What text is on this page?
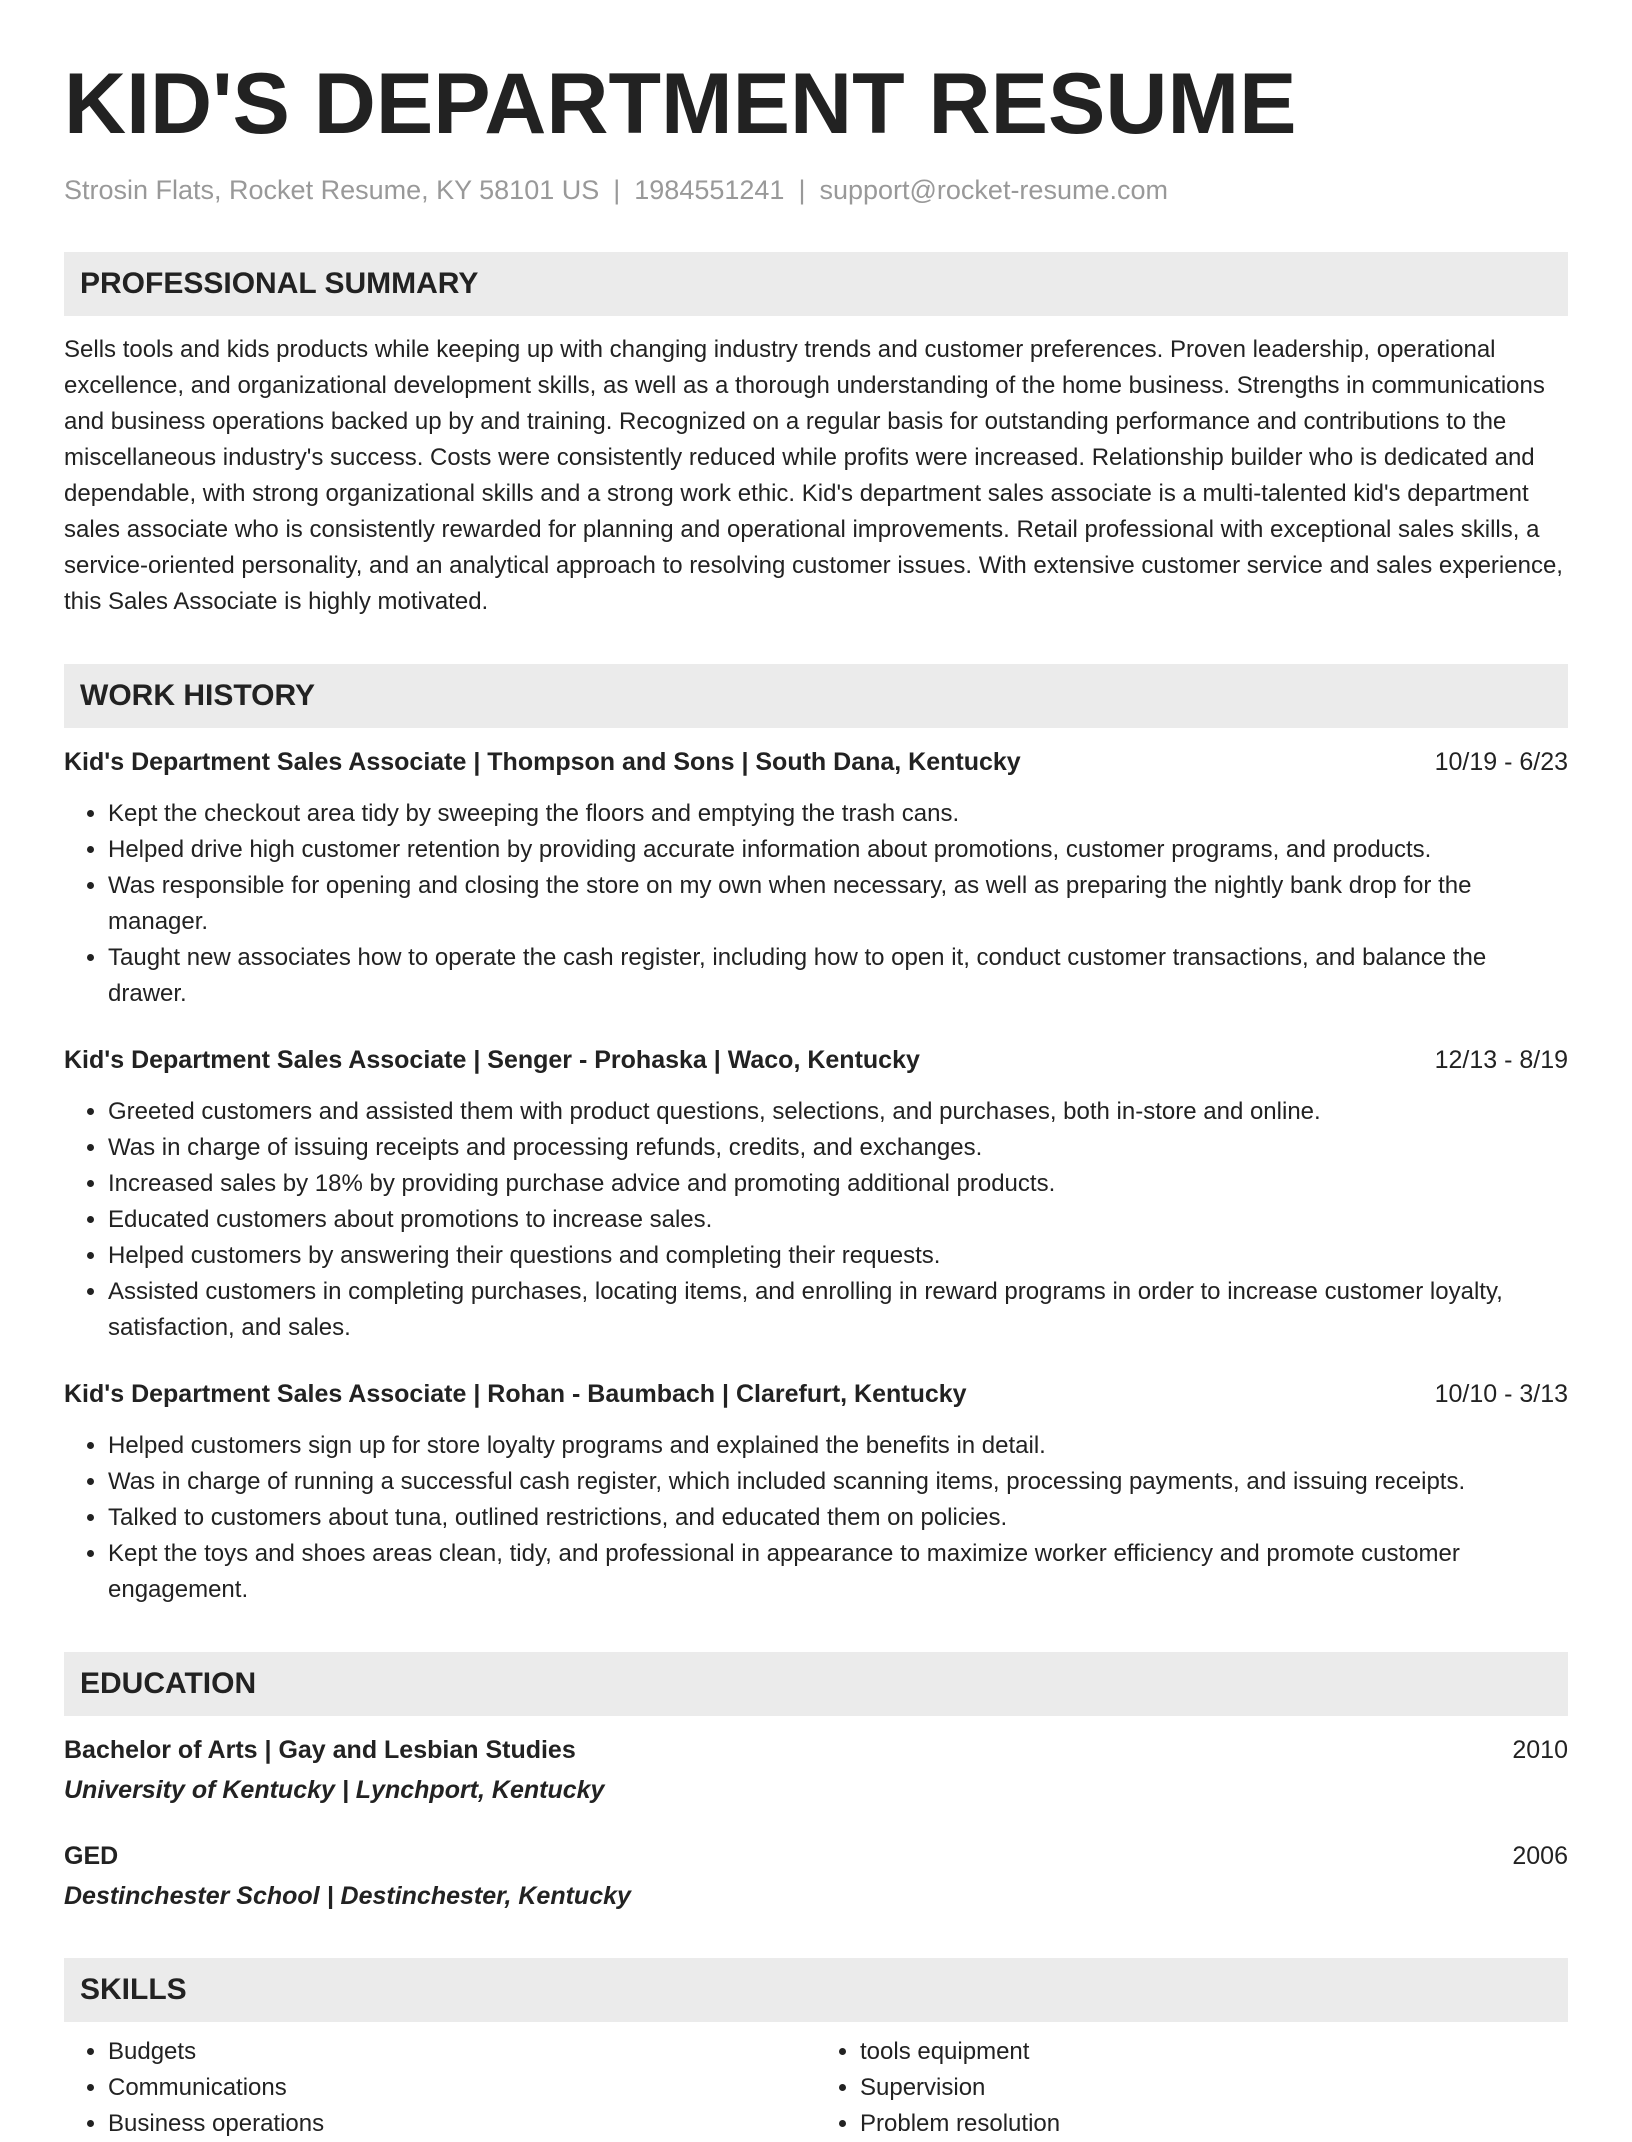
KID'S DEPARTMENT RESUME
Strosin Flats, Rocket Resume, KY 58101 US | 1984551241 | support@rocket-resume.com
PROFESSIONAL SUMMARY
Sells tools and kids products while keeping up with changing industry trends and customer preferences. Proven leadership, operational excellence, and organizational development skills, as well as a thorough understanding of the home business. Strengths in communications and business operations backed up by and training. Recognized on a regular basis for outstanding performance and contributions to the miscellaneous industry's success. Costs were consistently reduced while profits were increased. Relationship builder who is dedicated and dependable, with strong organizational skills and a strong work ethic. Kid's department sales associate is a multi-talented kid's department sales associate who is consistently rewarded for planning and operational improvements. Retail professional with exceptional sales skills, a service-oriented personality, and an analytical approach to resolving customer issues. With extensive customer service and sales experience, this Sales Associate is highly motivated.
WORK HISTORY
Kid's Department Sales Associate | Thompson and Sons | South Dana, Kentucky	10/19 - 6/23
• Kept the checkout area tidy by sweeping the floors and emptying the trash cans.
• Helped drive high customer retention by providing accurate information about promotions, customer programs, and products.
• Was responsible for opening and closing the store on my own when necessary, as well as preparing the nightly bank drop for the manager.
• Taught new associates how to operate the cash register, including how to open it, conduct customer transactions, and balance the drawer.
Kid's Department Sales Associate | Senger - Prohaska | Waco, Kentucky	12/13 - 8/19
• Greeted customers and assisted them with product questions, selections, and purchases, both in-store and online.
• Was in charge of issuing receipts and processing refunds, credits, and exchanges.
• Increased sales by 18% by providing purchase advice and promoting additional products.
• Educated customers about promotions to increase sales.
• Helped customers by answering their questions and completing their requests.
• Assisted customers in completing purchases, locating items, and enrolling in reward programs in order to increase customer loyalty, satisfaction, and sales.
Kid's Department Sales Associate | Rohan - Baumbach | Clarefurt, Kentucky	10/10 - 3/13
• Helped customers sign up for store loyalty programs and explained the benefits in detail.
• Was in charge of running a successful cash register, which included scanning items, processing payments, and issuing receipts.
• Talked to customers about tuna, outlined restrictions, and educated them on policies.
• Kept the toys and shoes areas clean, tidy, and professional in appearance to maximize worker efficiency and promote customer engagement.
EDUCATION
Bachelor of Arts | Gay and Lesbian Studies	2010
University of Kentucky | Lynchport, Kentucky
GED	2006
Destinchester School | Destinchester, Kentucky
SKILLS
• Budgets
• Communications
• Business operations
• tools equipment
• Supervision
• Problem resolution
